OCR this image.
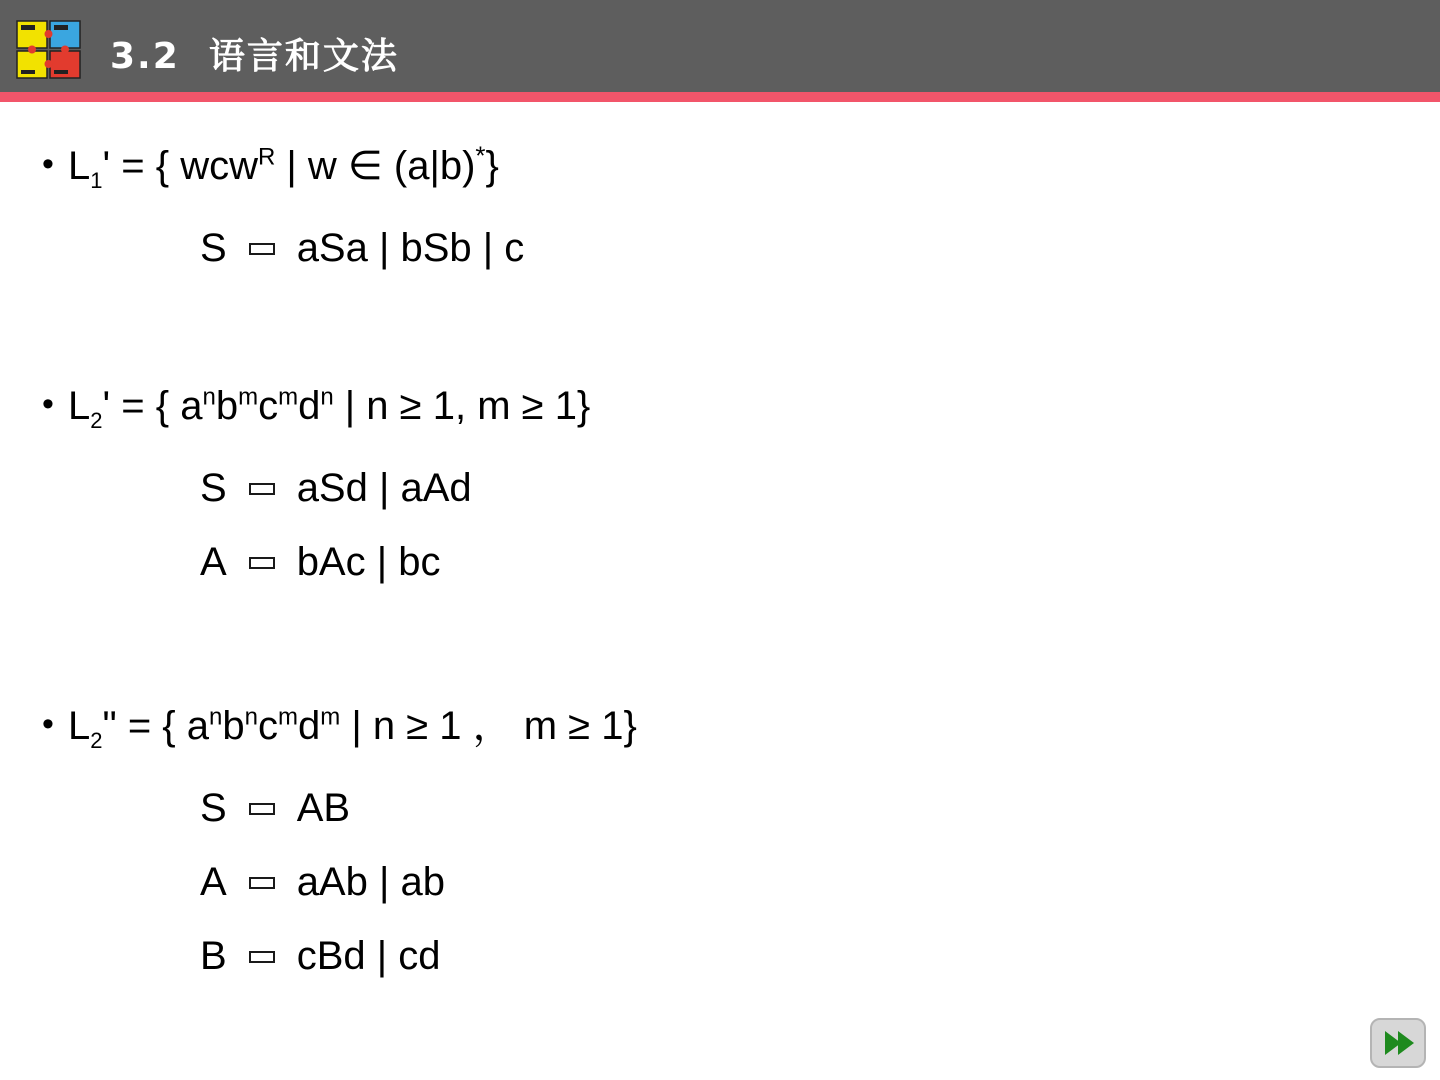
3.2  语言和文法
• $L_1'$ = { wcw$^R$ | w ∈ (a|b)*}
S aSa | bSb | c
• $L_2'$ = { $a^nb^mc^md^n$ | n ≥ 1, m ≥ 1}
S aSd | aAd
A bAc | bc
• $L_2$" = { $a^nb^nc^md^m$ | n ≥ 1 ， m ≥ 1}
S AB
A aAb | ab
B cBd | cd
